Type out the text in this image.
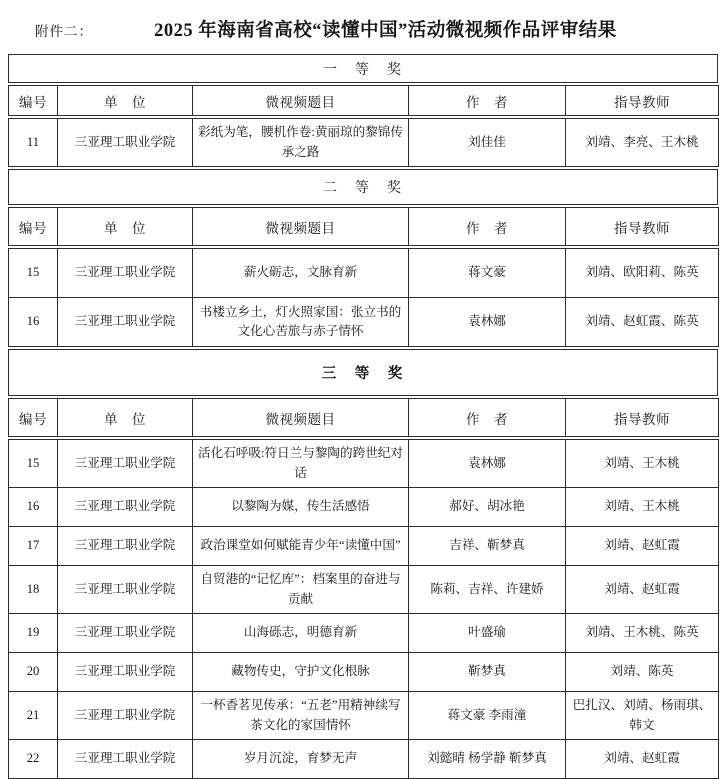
附件二：	2025 年海南省高校“读懂中国”活动微视频作品评审结果
一　等　奖
编号	单　位	微视频题目	作　者	指导教师
11	三亚理工职业学院	彩纸为笔，腰机作卷:黄丽琼的黎锦传承之路	刘佳佳	刘靖、李亮、王木桃
二　等　奖
编号	单　位	微视频题目	作　者	指导教师
15	三亚理工职业学院	薪火砺志，文脉育新	蒋文豪	刘靖、欧阳莉、陈英
16	三亚理工职业学院	书楼立乡土，灯火照家国：张立书的文化心苦旅与赤子情怀	袁林娜	刘靖、赵虹霞、陈英
三　等　奖
编号	单　位	微视频题目	作　者	指导教师
15	三亚理工职业学院	活化石呼吸:符日兰与黎陶的跨世纪对话	袁林娜	刘靖、王木桃
16	三亚理工职业学院	以黎陶为媒，传生活感悟	郝好、胡冰艳	刘靖、王木桃
17	三亚理工职业学院	政治课堂如何赋能青少年“读懂中国”	吉祥、靳梦真	刘靖、赵虹霞
18	三亚理工职业学院	自贸港的“记忆库”：档案里的奋进与贡献	陈莉、吉祥、许建娇	刘靖、赵虹霞
19	三亚理工职业学院	山海砾志，明德育新	叶盛瑜	刘靖、王木桃、陈英
20	三亚理工职业学院	藏物传史，守护文化根脉	靳梦真	刘靖、陈英
21	三亚理工职业学院	一杯香茗见传承：“五老”用精神续写茶文化的家国情怀	蒋文豪 李雨潼	巴扎汉、刘靖、杨雨琪、韩文
22	三亚理工职业学院	岁月沉淀，育梦无声	刘懿晴 杨学静 靳梦真	刘靖、赵虹霞
